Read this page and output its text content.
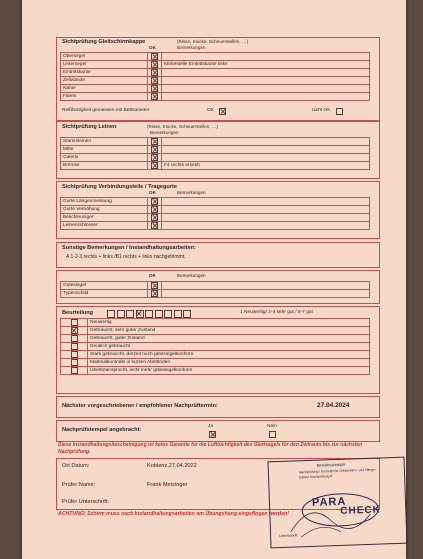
Sichtprüfung Gleitschirmkappe	(Risse, Knicke, Scheuerstellen, …)
OK	Bemerkungen
Obersegel		
Untersegel		Klebestelle Eintrittskante links
Eintrittskante		
Zellwände		
Nähte		
Flares		
Reißfestigkeit gemessen mit Bettsometer	OK	nicht OK
Sichtprüfung Leinen	(Risse, Knicke, Scheuerstellen, …)
Bemerkungen
Stammleinen		
Mitte		
Galerie		
Bremse		F4 rechts ersetzt
Sichtprüfung Verbindungsteile / Tragegurte
OK	Bemerkungen
Gurte Längenmessung		
Gurte Vernähung		
Beschleuniger		
Leinenschlösser		
Sonstige Bemerkungen / Instandhaltungsarbeiten:
A 1-2-3 rechts + links /B1 rechts + links nachgetrimmt.
OK	Bemerkungen
Gütesiegel		
Typenschild		
Beurteilung	1 Neuwertig/ 2-4 sehr gut / 5-7 gut
	Neuwertig
	Gebraucht, sehr guter Zustand
	Gebraucht, guter Zustand
	Deutlich gebraucht
	Stark gebraucht, derzeit noch gütesiegelkonform
	Materialkontrolle in kurzen Abständen
	Überbeansprucht, nicht mehr gütesiegelkonform
Nächster vorgeschriebener / empfohlener Nachprüftermin:	27.04.2024
Nachprüfstempel angebracht:
Ja	Nein
Diese Instandhaltungsbescheinigung ist keine Garantie für die Lufttüchtigkeit des Gleitsegels für den Zeitraum bis zur nächsten Nachprüfung.
Ort Datum:	Koblenz,27.04.2022
Prüfer Name:	Frank Metzinger
Prüfer Unterschrift:
ACHTUNG! Schirm muss nach Instandhaltungsarbeiten am Übungshang eingeflogen werden!
Betriebsstempel
Nachprüfung / Einheitliche Gleitschirm- und Hänge-
Gleiter Nachprüfung lt.
PARA
CHECK
Unterschrift
